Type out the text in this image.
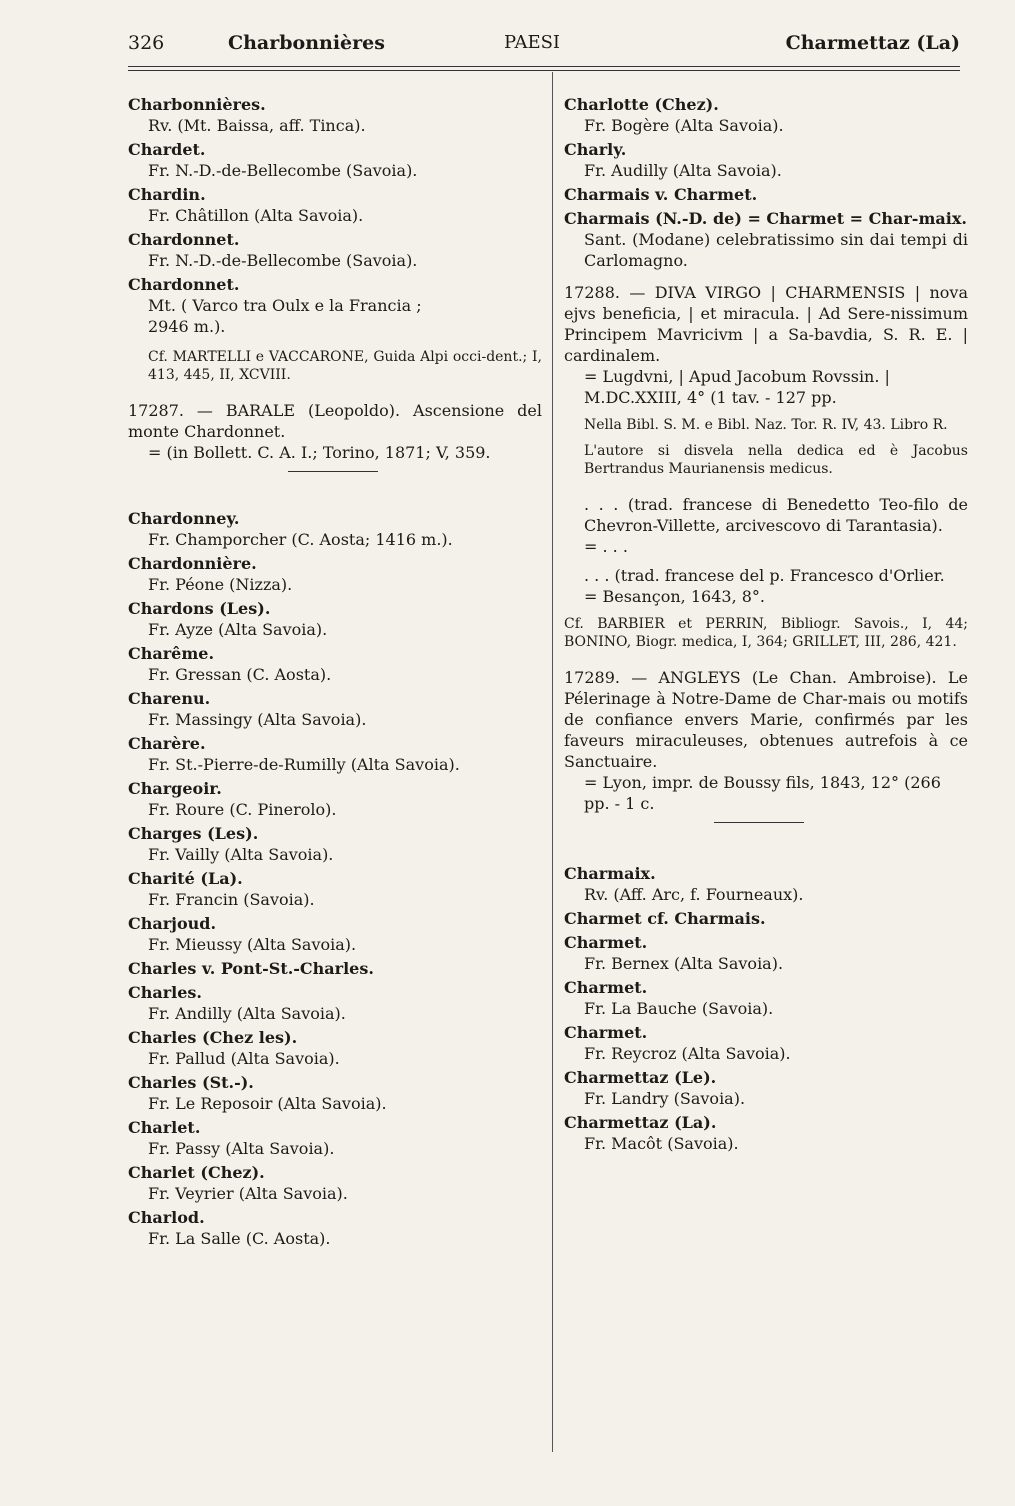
326	Charbonnières	PAESI	Charmettaz (La)
Charbonnières.
Rv. (Mt. Baissa, aff. Tinca).
Chardet.
Fr. N.-D.-de-Bellecombe (Savoia).
Chardin.
Fr. Châtillon (Alta Savoia).
Chardonnet.
Fr. N.-D.-de-Bellecombe (Savoia).
Chardonnet.
Mt. ( Varco tra Oulx e la Francia ;
2946 m.).
Cf. MARTELLI e VACCARONE, Guida Alpi occi-dent.; I, 413, 445, II, XCVIII.
17287. — BARALE (Leopoldo). Ascensione del monte Chardonnet.
= (in Bollett. C. A. I.; Torino, 1871; V, 359.
Chardonney.
Fr. Champorcher (C. Aosta; 1416 m.).
Chardonnière.
Fr. Péone (Nizza).
Chardons (Les).
Fr. Ayze (Alta Savoia).
Charême.
Fr. Gressan (C. Aosta).
Charenu.
Fr. Massingy (Alta Savoia).
Charère.
Fr. St.-Pierre-de-Rumilly (Alta Savoia).
Chargeoir.
Fr. Roure (C. Pinerolo).
Charges (Les).
Fr. Vailly (Alta Savoia).
Charité (La).
Fr. Francin (Savoia).
Charjoud.
Fr. Mieussy (Alta Savoia).
Charles v. Pont-St.-Charles.
Charles.
Fr. Andilly (Alta Savoia).
Charles (Chez les).
Fr. Pallud (Alta Savoia).
Charles (St.-).
Fr. Le Reposoir (Alta Savoia).
Charlet.
Fr. Passy (Alta Savoia).
Charlet (Chez).
Fr. Veyrier (Alta Savoia).
Charlod.
Fr. La Salle (C. Aosta).
Charlotte (Chez).
Fr. Bogère (Alta Savoia).
Charly.
Fr. Audilly (Alta Savoia).
Charmais v. Charmet.
Charmais (N.-D. de) = Charmet = Char-maix.
Sant. (Modane) celebratissimo sin dai tempi di Carlomagno.
17288. — DIVA VIRGO | CHARMENSIS | nova ejvs beneficia, | et miracula. | Ad Sere-nissimum Principem Mavricivm | a Sa-bavdia, S. R. E. | cardinalem.
= Lugdvni, | Apud Jacobum Rovssin. | M.DC.XXIII, 4° (1 tav. - 127 pp.
Nella Bibl. S. M. e Bibl. Naz. Tor. R. IV, 43. Libro R.
L'autore si disvela nella dedica ed è Jacobus Bertrandus Maurianensis medicus.
. . . (trad. francese di Benedetto Teo-filo de Chevron-Villette, arcivescovo di Tarantasia).
= . . .
. . . (trad. francese del p. Francesco d'Orlier.
= Besançon, 1643, 8°.
Cf. BARBIER et PERRIN, Bibliogr. Savois., I, 44; BONINO, Biogr. medica, I, 364; GRILLET, III, 286, 421.
17289. — ANGLEYS (Le Chan. Ambroise). Le Pélerinage à Notre-Dame de Char-mais ou motifs de confiance envers Marie, confirmés par les faveurs miraculeuses, obtenues autrefois à ce Sanctuaire.
= Lyon, impr. de Boussy fils, 1843, 12° (266 pp. - 1 c.
Charmaix.
Rv. (Aff. Arc, f. Fourneaux).
Charmet cf. Charmais.
Charmet.
Fr. Bernex (Alta Savoia).
Charmet.
Fr. La Bauche (Savoia).
Charmet.
Fr. Reycroz (Alta Savoia).
Charmettaz (Le).
Fr. Landry (Savoia).
Charmettaz (La).
Fr. Macôt (Savoia).
